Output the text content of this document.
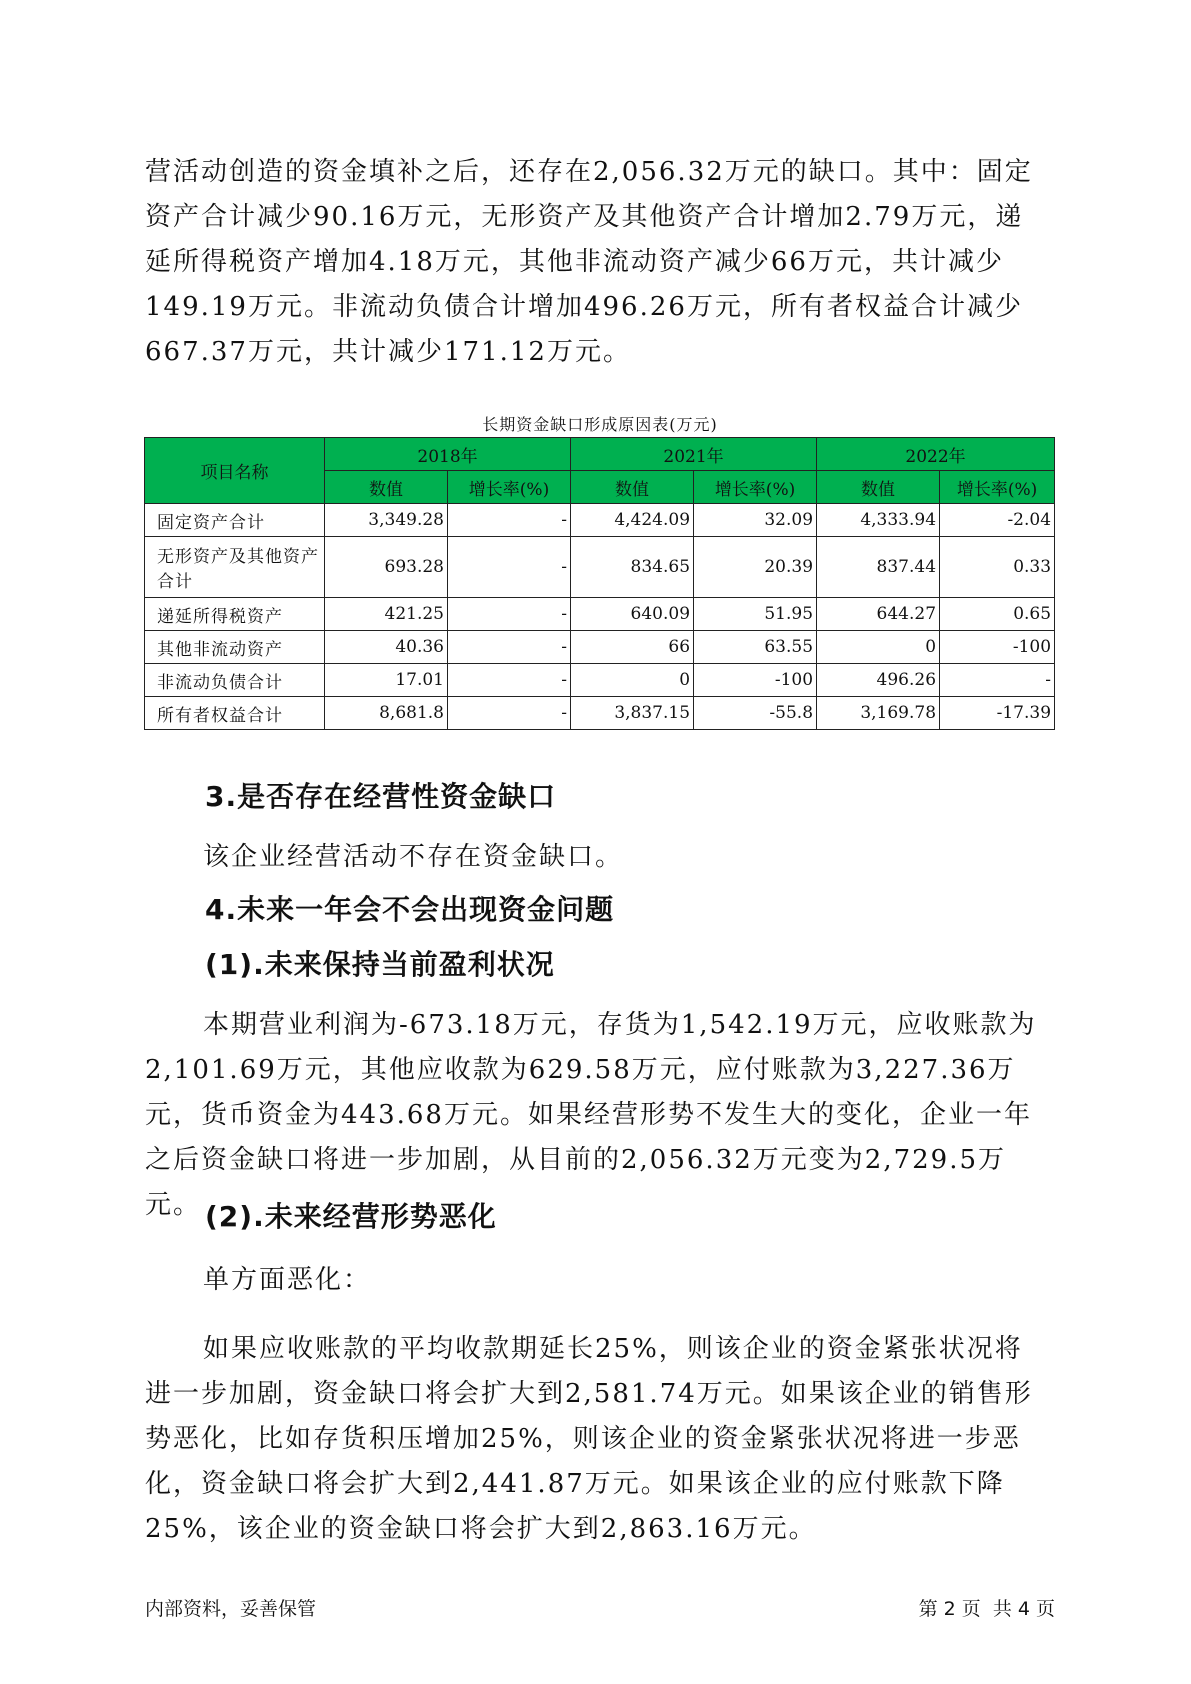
营活动创造的资金填补之后，还存在2,056.32万元的缺口。其中：固定资产合计减少90.16万元，无形资产及其他资产合计增加2.79万元，递延所得税资产增加4.18万元，其他非流动资产减少66万元，共计减少149.19万元。非流动负债合计增加496.26万元，所有者权益合计减少667.37万元，共计减少171.12万元。

长期资金缺口形成原因表(万元)
项目名称	2018年		2021年		2022年	
	数值	增长率(%)	数值	增长率(%)	数值	增长率(%)
固定资产合计	3,349.28	-	4,424.09	32.09	4,333.94	-2.04
无形资产及其他资产合计	693.28	-	834.65	20.39	837.44	0.33
递延所得税资产	421.25	-	640.09	51.95	644.27	0.65
其他非流动资产	40.36	-	66	63.55	0	-100
非流动负债合计	17.01	-	0	-100	496.26	-
所有者权益合计	8,681.8	-	3,837.15	-55.8	3,169.78	-17.39
3.是否存在经营性资金缺口

该企业经营活动不存在资金缺口。

4.未来一年会不会出现资金问题
(1).未来保持当前盈利状况

本期营业利润为-673.18万元，存货为1,542.19万元，应收账款为2,101.69万元，其他应收款为629.58万元，应付账款为3,227.36万元，货币资金为443.68万元。如果经营形势不发生大的变化，企业一年之后资金缺口将进一步加剧，从目前的2,056.32万元变为2,729.5万元。 (2).未来经营形势恶化

单方面恶化：

如果应收账款的平均收款期延长25%，则该企业的资金紧张状况将进一步加剧，资金缺口将会扩大到2,581.74万元。如果该企业的销售形势恶化，比如存货积压增加25%，则该企业的资金紧张状况将进一步恶化，资金缺口将会扩大到2,441.87万元。如果该企业的应付账款下降25%，该企业的资金缺口将会扩大到2,863.16万元。

内部资料，妥善保管	第 2 页  共 4 页
